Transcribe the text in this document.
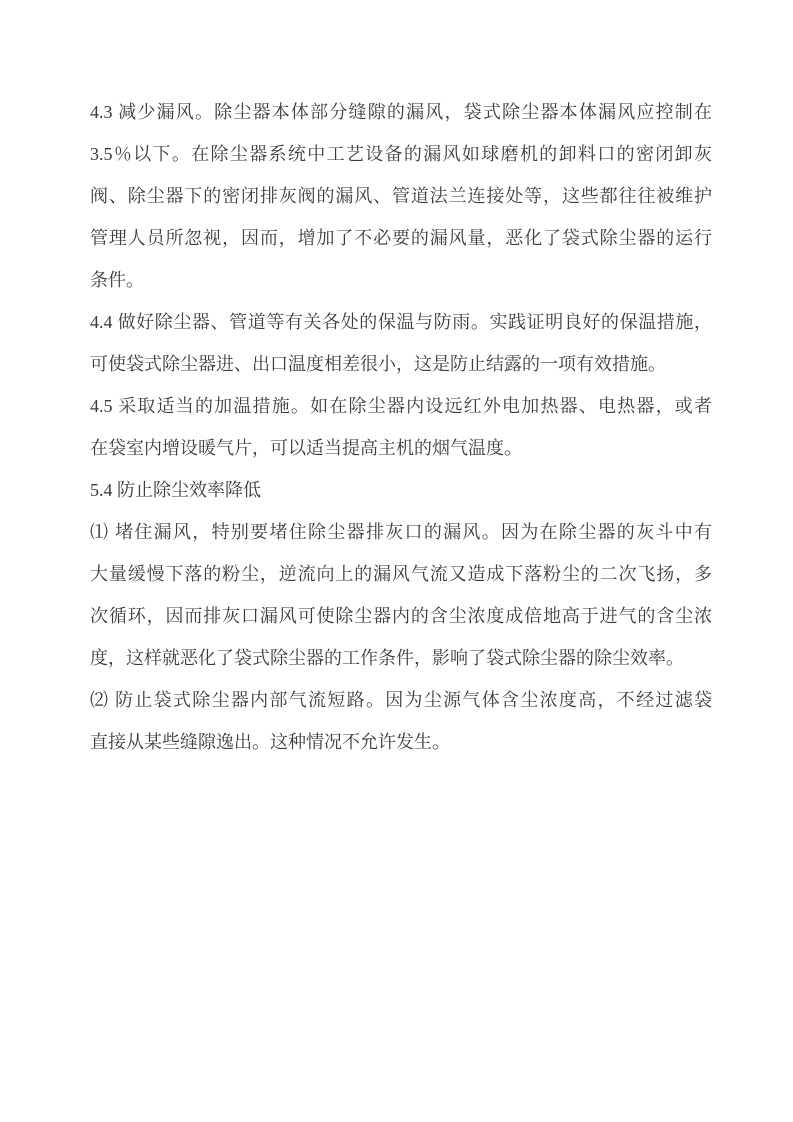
4.3 减少漏风。除尘器本体部分缝隙的漏风，袋式除尘器本体漏风应控制在
3.5％以下。在除尘器系统中工艺设备的漏风如球磨机的卸料口的密闭卸灰
阀、除尘器下的密闭排灰阀的漏风、管道法兰连接处等，这些都往往被维护
管理人员所忽视，因而，增加了不必要的漏风量，恶化了袋式除尘器的运行
条件。
4.4 做好除尘器、管道等有关各处的保温与防雨。实践证明良好的保温措施，
可使袋式除尘器进、出口温度相差很小，这是防止结露的一项有效措施。
4.5 采取适当的加温措施。如在除尘器内设远红外电加热器、电热器，或者
在袋室内增设暖气片，可以适当提高主机的烟气温度。
5.4 防止除尘效率降低
⑴ 堵住漏风，特别要堵住除尘器排灰口的漏风。因为在除尘器的灰斗中有
大量缓慢下落的粉尘，逆流向上的漏风气流又造成下落粉尘的二次飞扬，多
次循环，因而排灰口漏风可使除尘器内的含尘浓度成倍地高于进气的含尘浓
度，这样就恶化了袋式除尘器的工作条件，影响了袋式除尘器的除尘效率。
⑵ 防止袋式除尘器内部气流短路。因为尘源气体含尘浓度高，不经过滤袋
直接从某些缝隙逸出。这种情况不允许发生。
